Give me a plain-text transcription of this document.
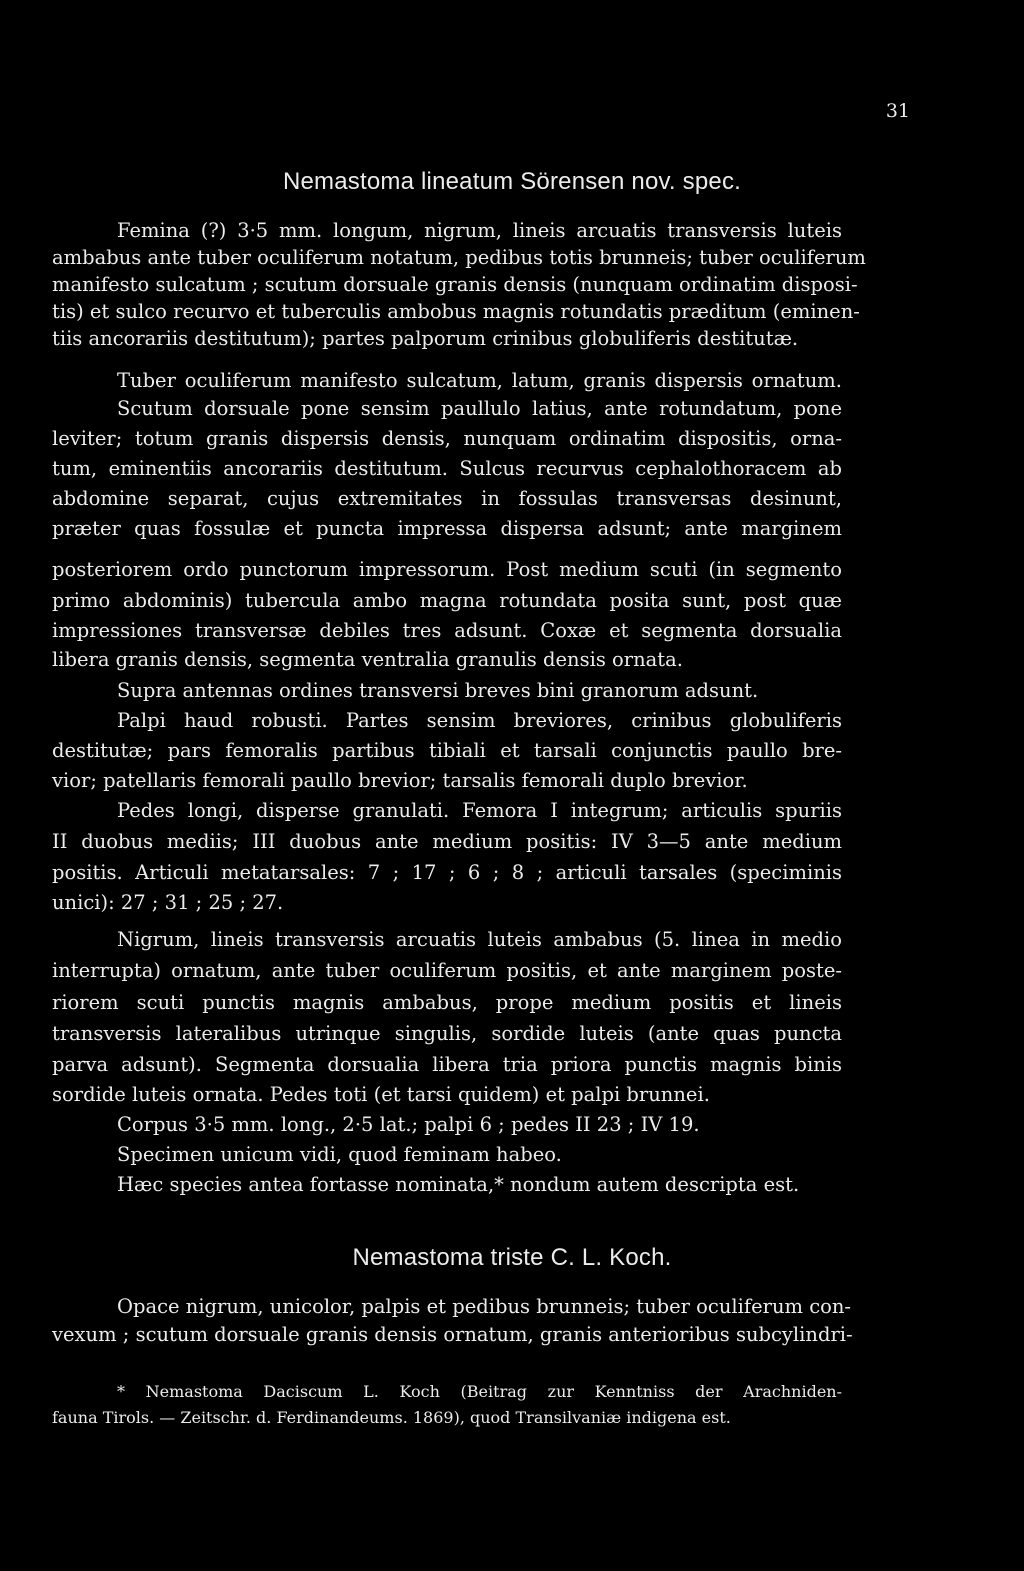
31
Nemastoma lineatum Sörensen nov. spec.
Femina (?) 3·5 mm. longum, nigrum, lineis arcuatis transversis luteis
ambabus ante tuber oculiferum notatum, pedibus totis brunneis; tuber oculiferum
manifesto sulcatum ; scutum dorsuale granis densis (nunquam ordinatim disposi-
tis) et sulco recurvo et tuberculis ambobus magnis rotundatis præditum (eminen-
tiis ancorariis destitutum); partes palporum crinibus globuliferis destitutæ.
Tuber oculiferum manifesto sulcatum, latum, granis dispersis ornatum.
Scutum dorsuale pone sensim paullulo latius, ante rotundatum, pone
leviter; totum granis dispersis densis, nunquam ordinatim dispositis, orna-
tum, eminentiis ancorariis destitutum. Sulcus recurvus cephalothoracem ab
abdomine separat, cujus extremitates in fossulas transversas desinunt,
præter quas fossulæ et puncta impressa dispersa adsunt; ante marginem
posteriorem ordo punctorum impressorum. Post medium scuti (in segmento
primo abdominis) tubercula ambo magna rotundata posita sunt, post quæ
impressiones transversæ debiles tres adsunt. Coxæ et segmenta dorsualia
libera granis densis, segmenta ventralia granulis densis ornata.
Supra antennas ordines transversi breves bini granorum adsunt.
Palpi haud robusti. Partes sensim breviores, crinibus globuliferis
destitutæ; pars femoralis partibus tibiali et tarsali conjunctis paullo bre-
vior; patellaris femorali paullo brevior; tarsalis femorali duplo brevior.
Pedes longi, disperse granulati. Femora I integrum; articulis spuriis
II duobus mediis; III duobus ante medium positis: IV 3—5 ante medium
positis. Articuli metatarsales: 7 ; 17 ; 6 ; 8 ; articuli tarsales (speciminis
unici): 27 ; 31 ; 25 ; 27.
Nigrum, lineis transversis arcuatis luteis ambabus (5. linea in medio
interrupta) ornatum, ante tuber oculiferum positis, et ante marginem poste-
riorem scuti punctis magnis ambabus, prope medium positis et lineis
transversis lateralibus utrinque singulis, sordide luteis (ante quas puncta
parva adsunt). Segmenta dorsualia libera tria priora punctis magnis binis
sordide luteis ornata. Pedes toti (et tarsi quidem) et palpi brunnei.
Corpus 3·5 mm. long., 2·5 lat.; palpi 6 ; pedes II 23 ; IV 19.
Specimen unicum vidi, quod feminam habeo.
Hæc species antea fortasse nominata,* nondum autem descripta est.
Nemastoma triste C. L. Koch.
Opace nigrum, unicolor, palpis et pedibus brunneis; tuber oculiferum con-
vexum ; scutum dorsuale granis densis ornatum, granis anterioribus subcylindri-
* Nemastoma Daciscum L. Koch (Beitrag zur Kenntniss der Arachniden-
fauna Tirols. — Zeitschr. d. Ferdinandeums. 1869), quod Transilvaniæ indigena est.
